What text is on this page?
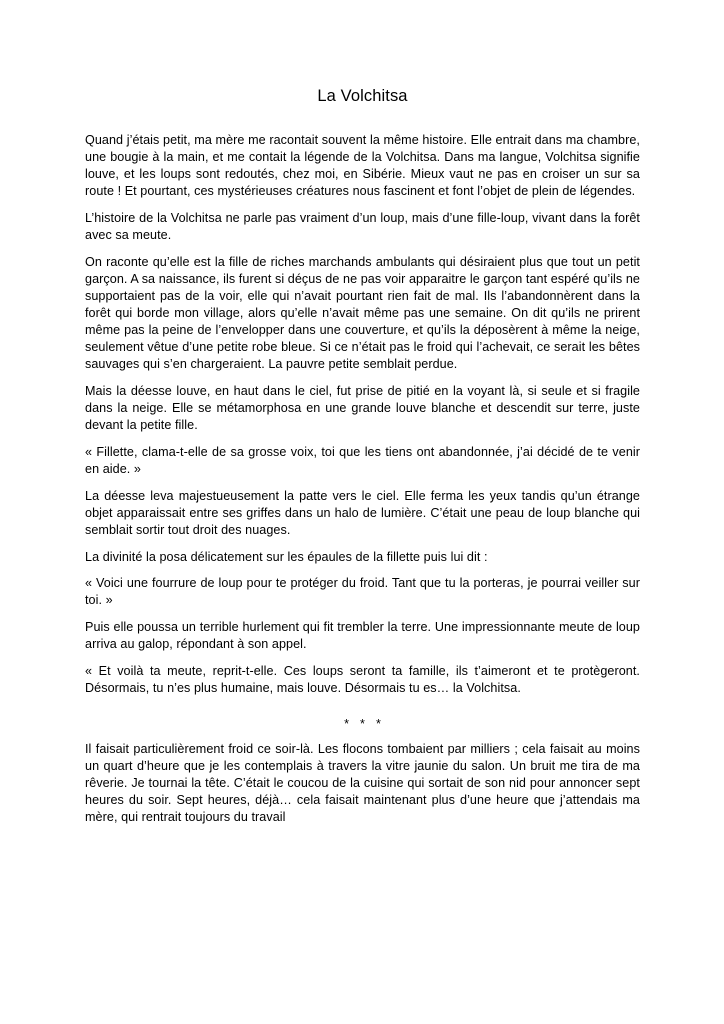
La Volchitsa

Quand j’étais petit, ma mère me racontait souvent la même histoire. Elle entrait dans ma chambre, une bougie à la main, et me contait la légende de la Volchitsa. Dans ma langue, Volchitsa signifie louve, et les loups sont redoutés, chez moi, en Sibérie. Mieux vaut ne pas en croiser un sur sa route ! Et pourtant, ces mystérieuses créatures nous fascinent et font l’objet de plein de légendes.

L’histoire de la Volchitsa ne parle pas vraiment d’un loup, mais d’une fille-loup, vivant dans la forêt avec sa meute.

On raconte qu’elle est la fille de riches marchands ambulants qui désiraient plus que tout un petit garçon. A sa naissance, ils furent si déçus de ne pas voir apparaitre le garçon tant espéré qu’ils ne supportaient pas de la voir, elle qui n’avait pourtant rien fait de mal. Ils l’abandonnèrent dans la forêt qui borde mon village, alors qu’elle n’avait même pas une semaine. On dit qu’ils ne prirent même pas la peine de l’envelopper dans une couverture, et qu’ils la déposèrent à même la neige, seulement vêtue d’une petite robe bleue. Si ce n’était pas le froid qui l’achevait, ce serait les bêtes sauvages qui s’en chargeraient. La pauvre petite semblait perdue.

Mais la déesse louve, en haut dans le ciel, fut prise de pitié en la voyant là, si seule et si fragile dans la neige. Elle se métamorphosa en une grande louve blanche et descendit sur terre, juste devant la petite fille.

« Fillette, clama-t-elle de sa grosse voix, toi que les tiens ont abandonnée, j’ai décidé de te venir en aide. »

La déesse leva majestueusement la patte vers le ciel. Elle ferma les yeux tandis qu’un étrange objet apparaissait entre ses griffes dans un halo de lumière. C’était une peau de loup blanche qui semblait sortir tout droit des nuages.

La divinité la posa délicatement sur les épaules de la fillette puis lui dit :

« Voici une fourrure de loup pour te protéger du froid. Tant que tu la porteras, je pourrai veiller sur toi. »

Puis elle poussa un terrible hurlement qui fit trembler la terre. Une impressionnante meute de loup arriva au galop, répondant à son appel.

« Et voilà ta meute, reprit-t-elle. Ces loups seront ta famille, ils t’aimeront et te protègeront. Désormais, tu n’es plus humaine, mais louve. Désormais tu es… la Volchitsa.

* * *

Il faisait particulièrement froid ce soir-là. Les flocons tombaient par milliers ; cela faisait au moins un quart d’heure que je les contemplais à travers la vitre jaunie du salon. Un bruit me tira de ma rêverie. Je tournai la tête. C’était le coucou de la cuisine qui sortait de son nid pour annoncer sept heures du soir. Sept heures, déjà… cela faisait maintenant plus d’une heure que j’attendais ma mère, qui rentrait toujours du travail
